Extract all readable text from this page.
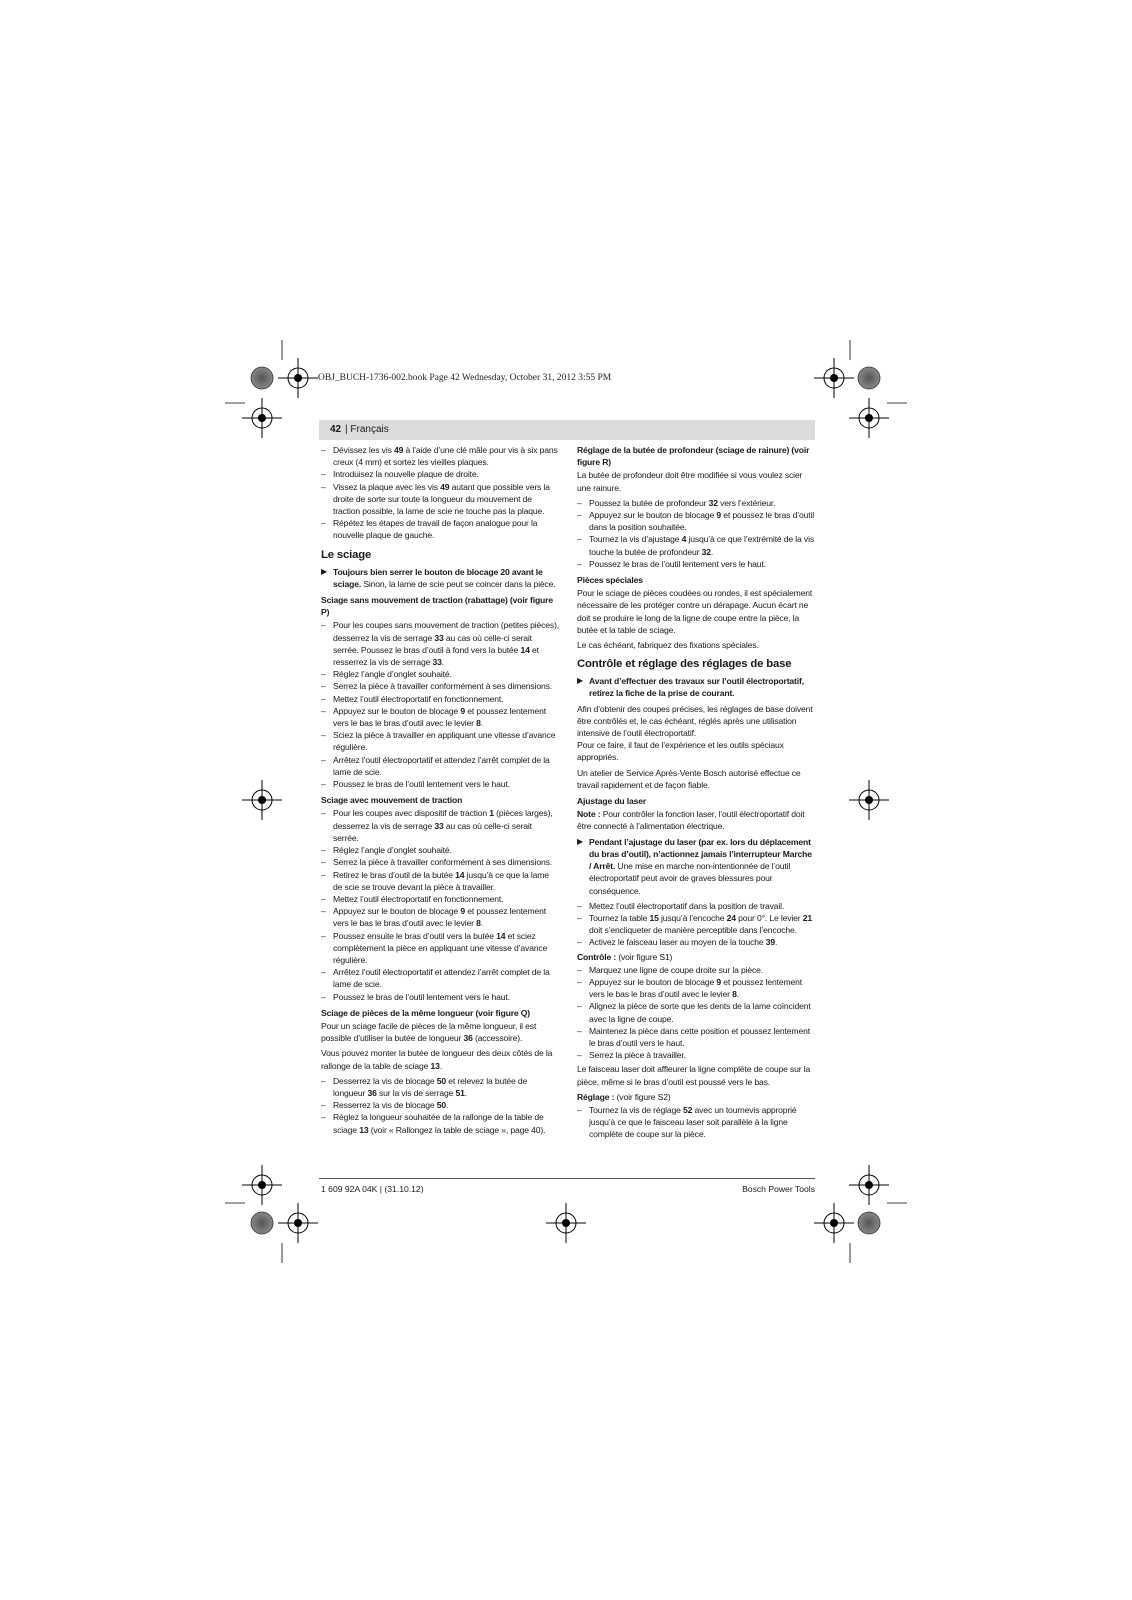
OBJ_BUCH-1736-002.book Page 42 Wednesday, October 31, 2012 3:55 PM
42 | Français
– Dévissez les vis 49 à l’aide d’une clé mâle pour vis à six pans creux (4 mm) et sortez les vieilles plaques.
– Introduisez la nouvelle plaque de droite.
– Vissez la plaque avec les vis 49 autant que possible vers la droite de sorte sur toute la longueur du mouvement de traction possible, la lame de scie ne touche pas la plaque.
– Répétez les étapes de travail de façon analogue pour la nouvelle plaque de gauche.
Le sciage

▶ Toujours bien serrer le bouton de blocage 20 avant le sciage. Sinon, la lame de scie peut se coincer dans la pièce.

Sciage sans mouvement de traction (rabattage) (voir figure P)
– Pour les coupes sans mouvement de traction (petites pièces), desserrez la vis de serrage 33 au cas où celle-ci serait serrée. Poussez le bras d’outil à fond vers la butée 14 et resserrez la vis de serrage 33.
– Réglez l’angle d’onglet souhaité.
– Serrez la pièce à travailler conformément à ses dimensions.
– Mettez l’outil électroportatif en fonctionnement.
– Appuyez sur le bouton de blocage 9 et poussez lentement vers le bas le bras d’outil avec le levier 8.
– Sciez la pièce à travailler en appliquant une vitesse d’avance régulière.
– Arrêtez l’outil électroportatif et attendez l’arrêt complet de la lame de scie.
– Poussez le bras de l’outil lentement vers le haut.
Sciage avec mouvement de traction
– Pour les coupes avec dispositif de traction 1 (pièces larges), desserrez la vis de serrage 33 au cas où celle-ci serait serrée.
– Réglez l’angle d’onglet souhaité.
– Serrez la pièce à travailler conformément à ses dimensions.
– Retirez le bras d’outil de la butée 14 jusqu’à ce que la lame de scie se trouve devant la pièce à travailler.
– Mettez l’outil électroportatif en fonctionnement.
– Appuyez sur le bouton de blocage 9 et poussez lentement vers le bas le bras d’outil avec le levier 8.
– Poussez ensuite le bras d’outil vers la butée 14 et sciez complètement la pièce en appliquant une vitesse d’avance régulière.
– Arrêtez l’outil électroportatif et attendez l’arrêt complet de la lame de scie.
– Poussez le bras de l’outil lentement vers le haut.
Sciage de pièces de la même longueur (voir figure Q)

Pour un sciage facile de pièces de la même longueur, il est possible d’utiliser la butée de longueur 36 (accessoire).

Vous pouvez monter la butée de longueur des deux côtés de la rallonge de la table de sciage 13.

– Desserrez la vis de blocage 50 et relevez la butée de longueur 36 sur la vis de serrage 51.
– Resserrez la vis de blocage 50.
– Réglez la longueur souhaitée de la rallonge de la table de sciage 13 (voir « Rallongez la table de sciage », page 40).
Réglage de la butée de profondeur (sciage de rainure) (voir figure R)

La butée de profondeur doit être modifiée si vous voulez scier une rainure.

– Poussez la butée de profondeur 32 vers l’extérieur.
– Appuyez sur le bouton de blocage 9 et poussez le bras d’outil dans la position souhaitée.
– Tournez la vis d’ajustage 4 jusqu’à ce que l’extrémité de la vis touche la butée de profondeur 32.
– Poussez le bras de l’outil lentement vers le haut.
Pièces spéciales

Pour le sciage de pièces coudées ou rondes, il est spécialement nécessaire de les protéger contre un dérapage. Aucun écart ne doit se produire le long de la ligne de coupe entre la pièce, la butée et la table de sciage.

Le cas échéant, fabriquez des fixations spéciales.

Contrôle et réglage des réglages de base

▶ Avant d’effectuer des travaux sur l’outil électroportatif, retirez la fiche de la prise de courant.

Afin d’obtenir des coupes précises, les réglages de base doivent être contrôlés et, le cas échéant, réglés après une utilisation intensive de l’outil électroportatif.

Pour ce faire, il faut de l’expérience et les outils spéciaux appropriés.

Un atelier de Service Après-Vente Bosch autorisé effectue ce travail rapidement et de façon fiable.

Ajustage du laser

Note : Pour contrôler la fonction laser, l’outil électroportatif doit être connecté à l’alimentation électrique.

▶ Pendant l’ajustage du laser (par ex. lors du déplacement du bras d’outil), n’actionnez jamais l’interrupteur Marche / Arrêt. Une mise en marche non-intentionnée de l’outil électroportatif peut avoir de graves blessures pour conséquence.

– Mettez l’outil électroportatif dans la position de travail.
– Tournez la table 15 jusqu’à l’encoche 24 pour 0°. Le levier 21 doit s’encliqueter de manière perceptible dans l’encoche.
– Activez le faisceau laser au moyen de la touche 39.

Contrôle : (voir figure S1)

– Marquez une ligne de coupe droite sur la pièce.
– Appuyez sur le bouton de blocage 9 et poussez lentement vers le bas le bras d’outil avec le levier 8.
– Alignez la pièce de sorte que les dents de la lame coïncident avec la ligne de coupe.
– Maintenez la pièce dans cette position et poussez lentement le bras d’outil vers le haut.
– Serrez la pièce à travailler.

Le faisceau laser doit affleurer la ligne complète de coupe sur la pièce, même si le bras d’outil est poussé vers le bas.

Réglage : (voir figure S2)

– Tournez la vis de réglage 52 avec un tournevis approprié jusqu’à ce que le faisceau laser soit parallèle à la ligne complète de coupe sur la pièce.
1 609 92A 04K | (31.10.12)	Bosch Power Tools
